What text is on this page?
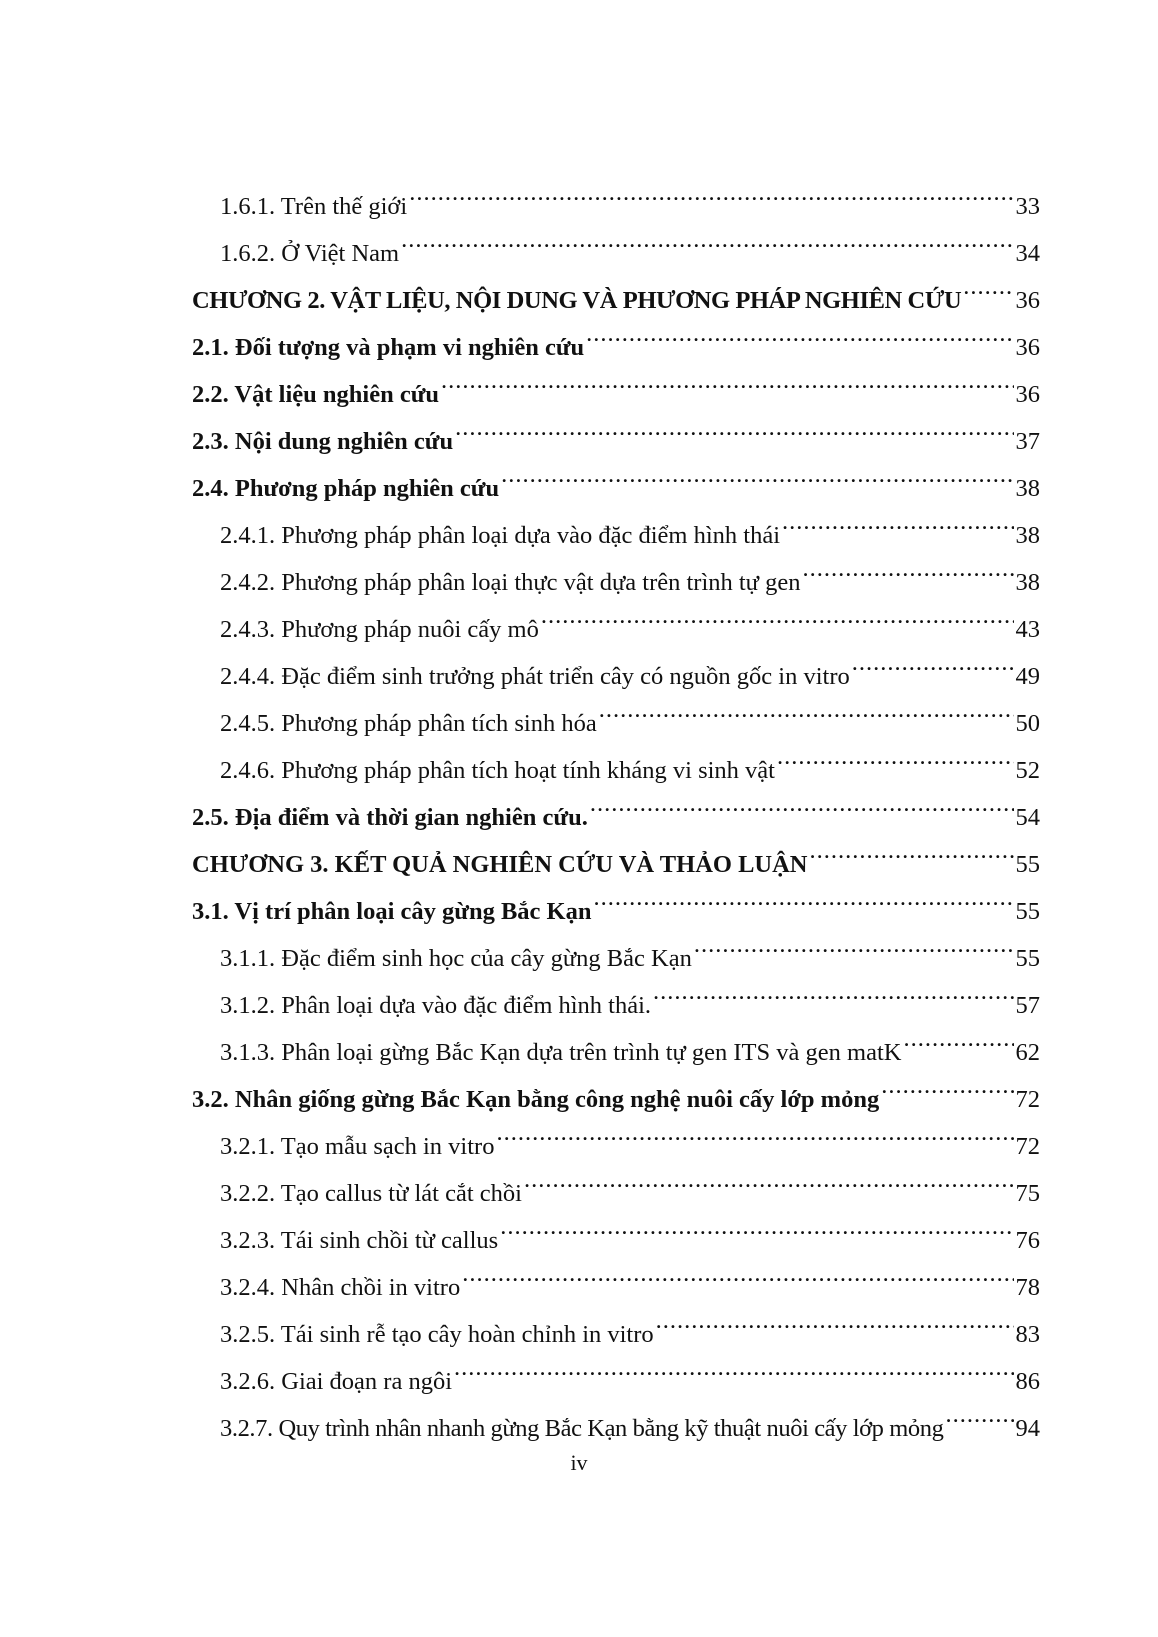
1.6.1. Trên thế giới .....	33
1.6.2. Ở Việt Nam .....	34
CHƯƠNG 2. VẬT LIỆU, NỘI DUNG VÀ PHƯƠNG PHÁP NGHIÊN CỨU ..... 36
2.1. Đối tượng và phạm vi nghiên cứu .....	36
2.2. Vật liệu nghiên cứu .....	36
2.3. Nội dung nghiên cứu .....	37
2.4. Phương pháp nghiên cứu .....	38
2.4.1. Phương pháp phân loại dựa vào đặc điểm hình thái .....	38
2.4.2. Phương pháp phân loại thực vật dựa trên trình tự gen .....	38
2.4.3. Phương pháp nuôi cấy mô .....	43
2.4.4. Đặc điểm sinh trưởng phát triển cây có nguồn gốc in vitro .....	49
2.4.5. Phương pháp phân tích sinh hóa .....	50
2.4.6. Phương pháp phân tích hoạt tính kháng vi sinh vật .....	52
2.5. Địa điểm và thời gian nghiên cứu. .....	54
CHƯƠNG 3. KẾT QUẢ NGHIÊN CỨU VÀ THẢO LUẬN .....	55
3.1. Vị trí phân loại cây gừng Bắc Kạn .....	55
3.1.1. Đặc điểm sinh học của cây gừng Bắc Kạn .....	55
3.1.2. Phân loại dựa vào đặc điểm hình thái. .....	57
3.1.3. Phân loại gừng Bắc Kạn dựa trên trình tự gen ITS và gen matK .....	62
3.2. Nhân giống gừng Bắc Kạn bằng công nghệ nuôi cấy lớp mỏng .....	72
3.2.1. Tạo mẫu sạch in vitro .....	72
3.2.2. Tạo callus từ lát cắt chồi .....	75
3.2.3. Tái sinh chồi từ callus .....	76
3.2.4. Nhân chồi in vitro .....	78
3.2.5. Tái sinh rễ tạo cây hoàn chỉnh in vitro .....	83
3.2.6. Giai đoạn ra ngôi .....	86
3.2.7. Quy trình nhân nhanh gừng Bắc Kạn bằng kỹ thuật nuôi cấy lớp mỏng .....	94
iv
